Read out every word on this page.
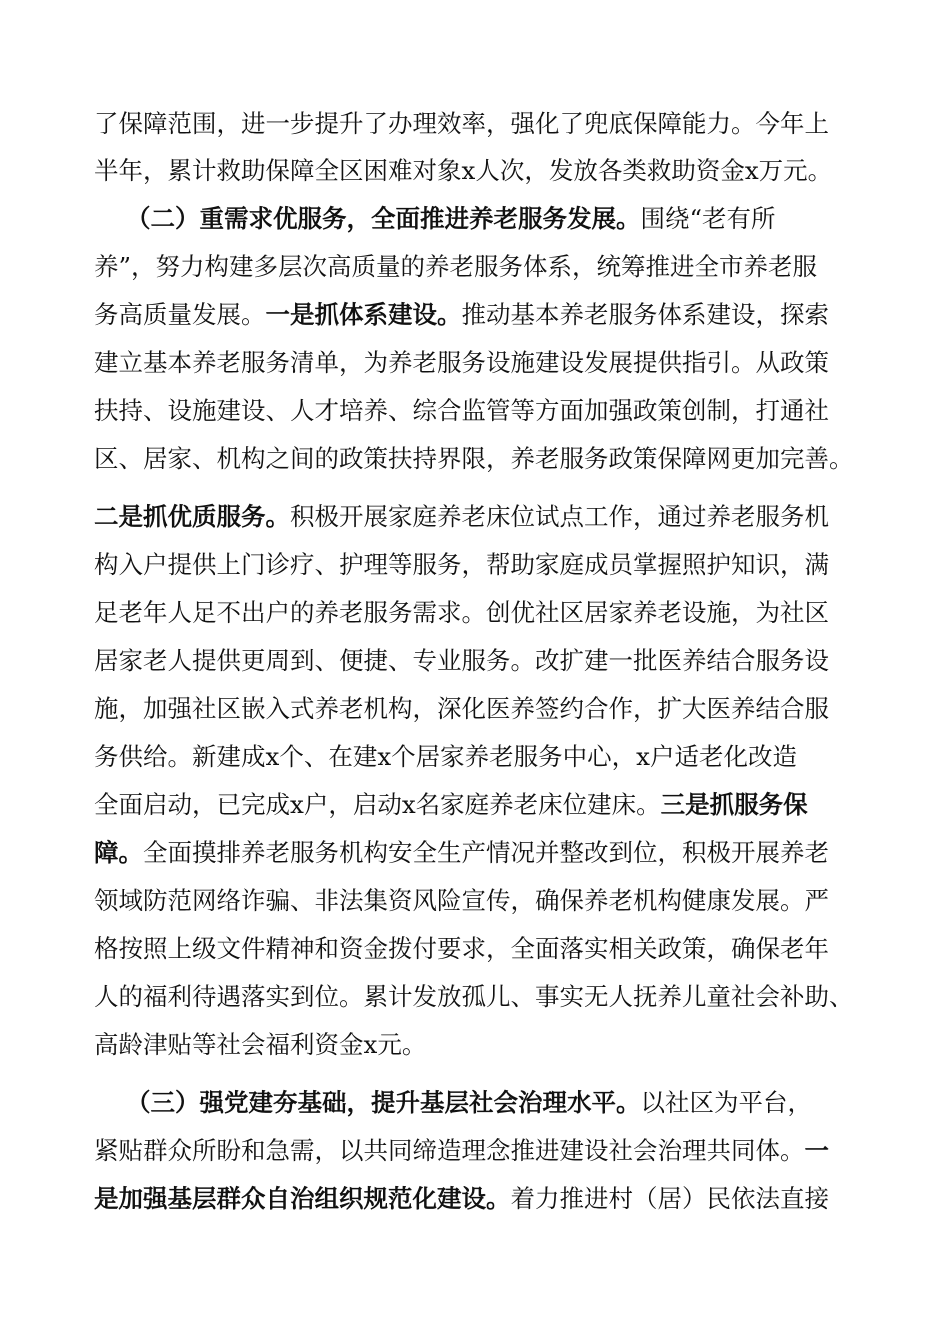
了保障范围，进一步提升了办理效率，强化了兜底保障能力。今年上
半年，累计救助保障全区困难对象x人次，发放各类救助资金x万元。
（二）重需求优服务，全面推进养老服务发展。围绕“老有所
养”，努力构建多层次高质量的养老服务体系，统筹推进全市养老服
务高质量发展。一是抓体系建设。推动基本养老服务体系建设，探索
建立基本养老服务清单，为养老服务设施建设发展提供指引。从政策
扶持、设施建设、人才培养、综合监管等方面加强政策创制，打通社
区、居家、机构之间的政策扶持界限，养老服务政策保障网更加完善。
二是抓优质服务。积极开展家庭养老床位试点工作，通过养老服务机
构入户提供上门诊疗、护理等服务，帮助家庭成员掌握照护知识，满
足老年人足不出户的养老服务需求。创优社区居家养老设施，为社区
居家老人提供更周到、便捷、专业服务。改扩建一批医养结合服务设
施，加强社区嵌入式养老机构，深化医养签约合作，扩大医养结合服
务供给。新建成x个、在建x个居家养老服务中心，x户适老化改造
全面启动，已完成x户，启动x名家庭养老床位建床。三是抓服务保
障。全面摸排养老服务机构安全生产情况并整改到位，积极开展养老
领域防范网络诈骗、非法集资风险宣传，确保养老机构健康发展。严
格按照上级文件精神和资金拨付要求，全面落实相关政策，确保老年
人的福利待遇落实到位。累计发放孤儿、事实无人抚养儿童社会补助、
高龄津贴等社会福利资金x元。
（三）强党建夯基础，提升基层社会治理水平。以社区为平台，
紧贴群众所盼和急需，以共同缔造理念推进建设社会治理共同体。一
是加强基层群众自治组织规范化建设。着力推进村（居）民依法直接
